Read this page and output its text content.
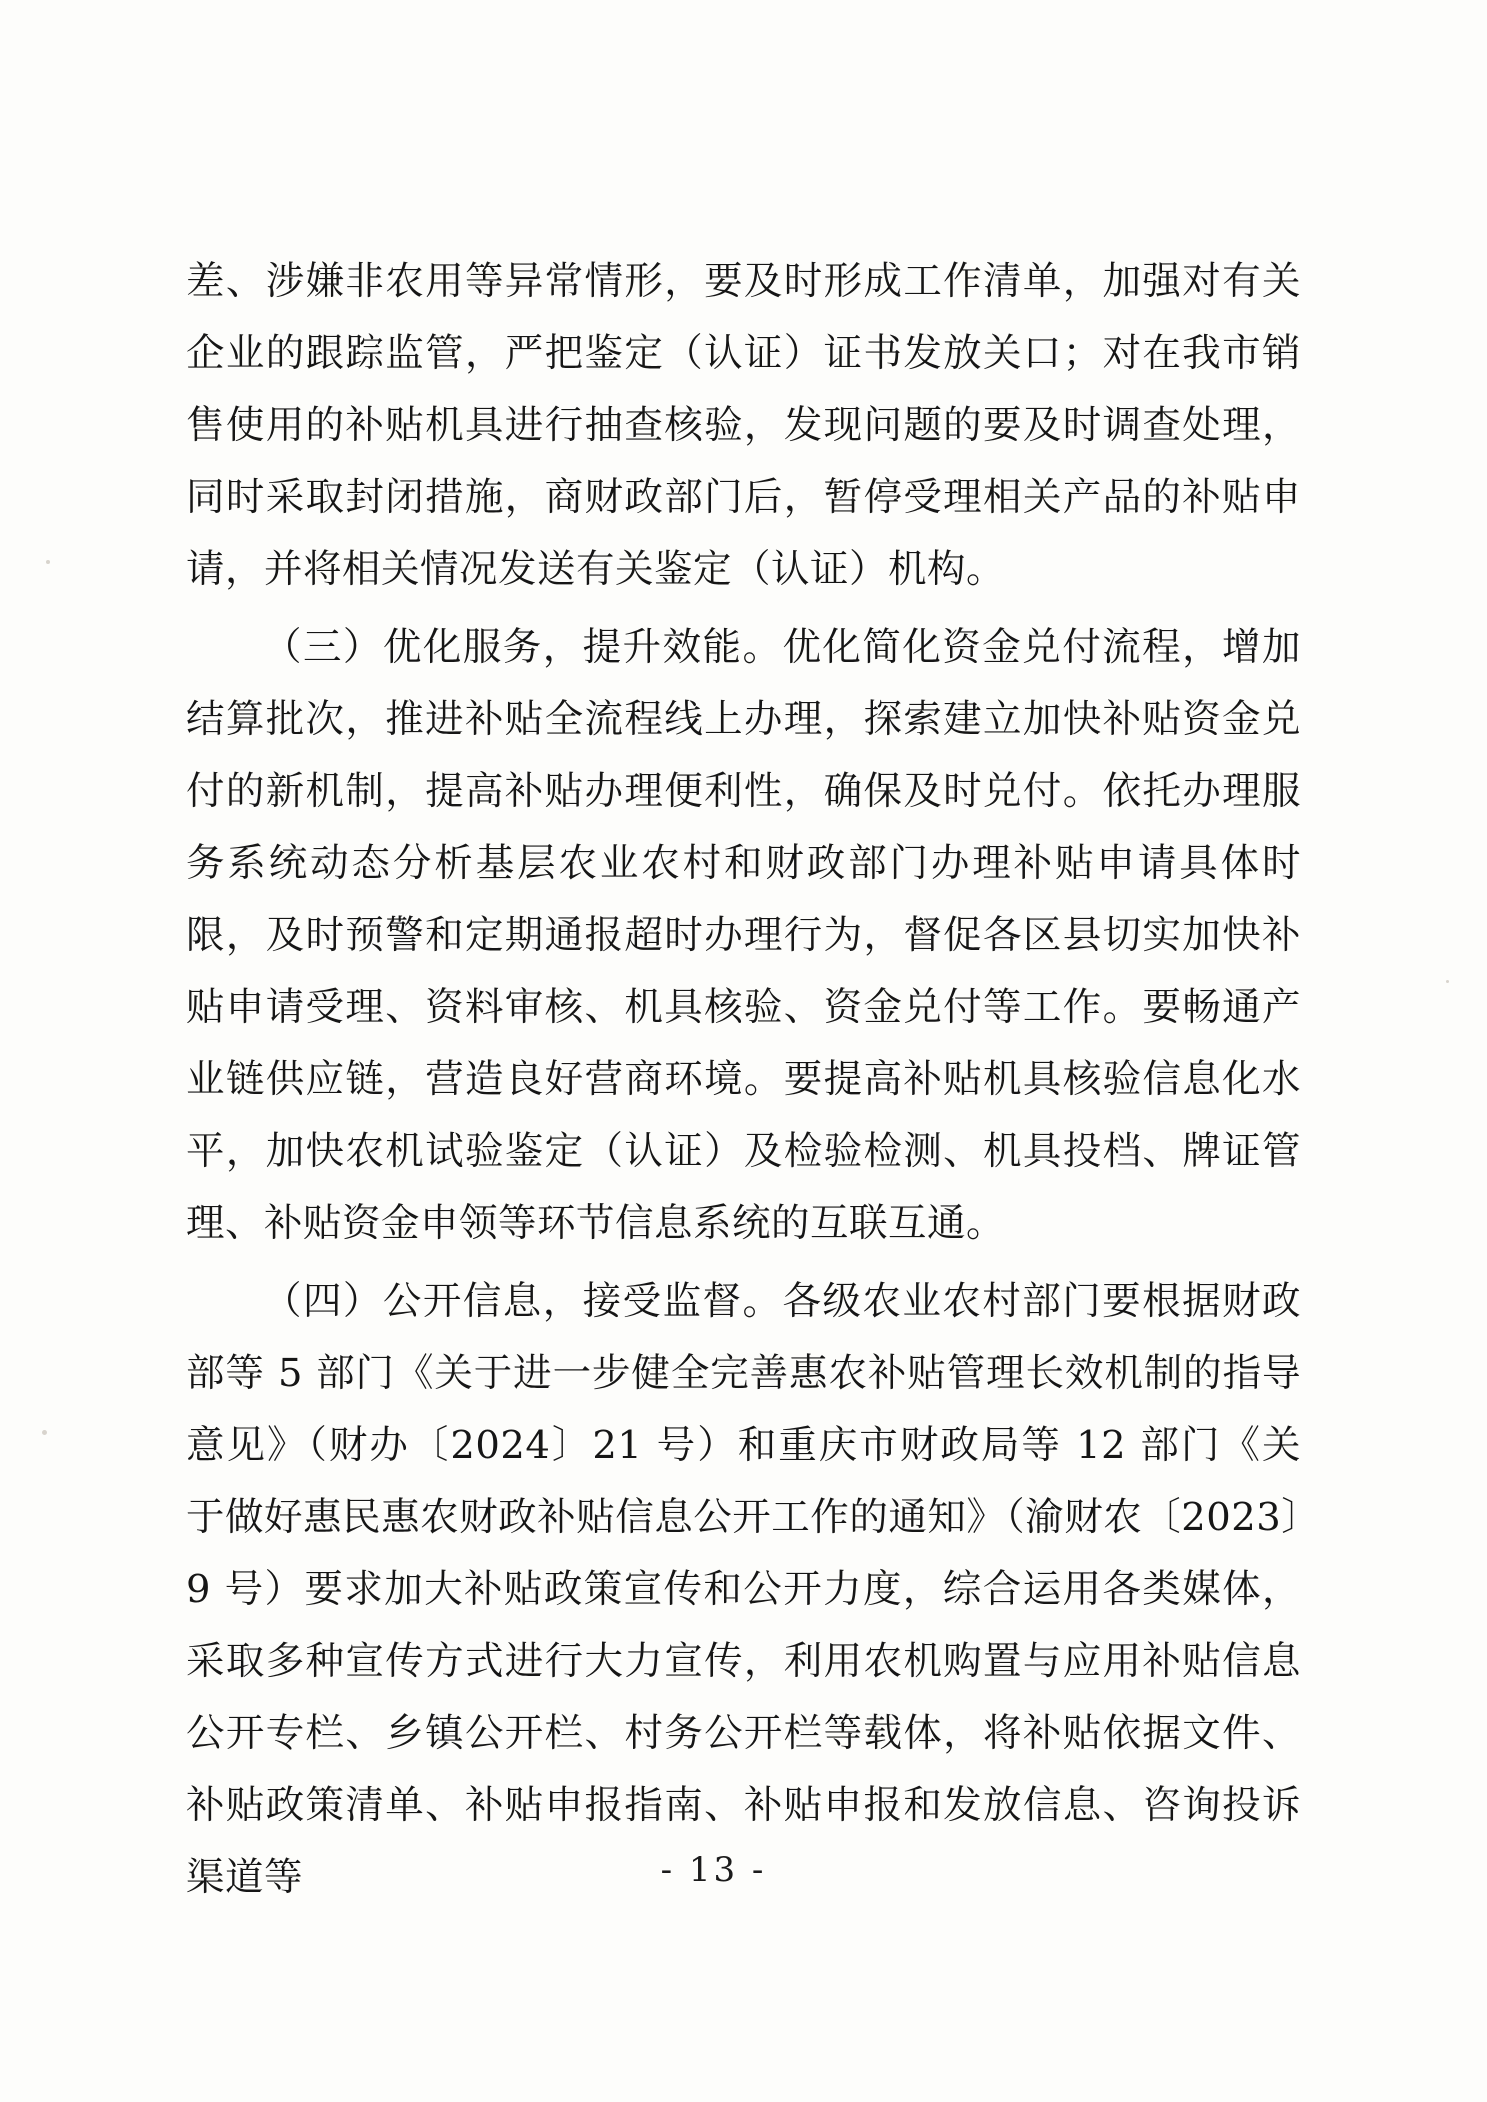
差、涉嫌非农用等异常情形，要及时形成工作清单，加强对有关企业的跟踪监管，严把鉴定（认证）证书发放关口；对在我市销售使用的补贴机具进行抽查核验，发现问题的要及时调查处理，同时采取封闭措施，商财政部门后，暂停受理相关产品的补贴申请，并将相关情况发送有关鉴定（认证）机构。

（三）优化服务，提升效能。优化简化资金兑付流程，增加结算批次，推进补贴全流程线上办理，探索建立加快补贴资金兑付的新机制，提高补贴办理便利性，确保及时兑付。依托办理服务系统动态分析基层农业农村和财政部门办理补贴申请具体时限，及时预警和定期通报超时办理行为，督促各区县切实加快补贴申请受理、资料审核、机具核验、资金兑付等工作。要畅通产业链供应链，营造良好营商环境。要提高补贴机具核验信息化水平，加快农机试验鉴定（认证）及检验检测、机具投档、牌证管理、补贴资金申领等环节信息系统的互联互通。

（四）公开信息，接受监督。各级农业农村部门要根据财政部等 5 部门《关于进一步健全完善惠农补贴管理长效机制的指导意见》（财办〔2024〕21 号）和重庆市财政局等 12 部门《关于做好惠民惠农财政补贴信息公开工作的通知》（渝财农〔2023〕9 号）要求加大补贴政策宣传和公开力度，综合运用各类媒体，采取多种宣传方式进行大力宣传，利用农机购置与应用补贴信息公开专栏、乡镇公开栏、村务公开栏等载体，将补贴依据文件、补贴政策清单、补贴申报指南、补贴申报和发放信息、咨询投诉渠道等	- 13 -
